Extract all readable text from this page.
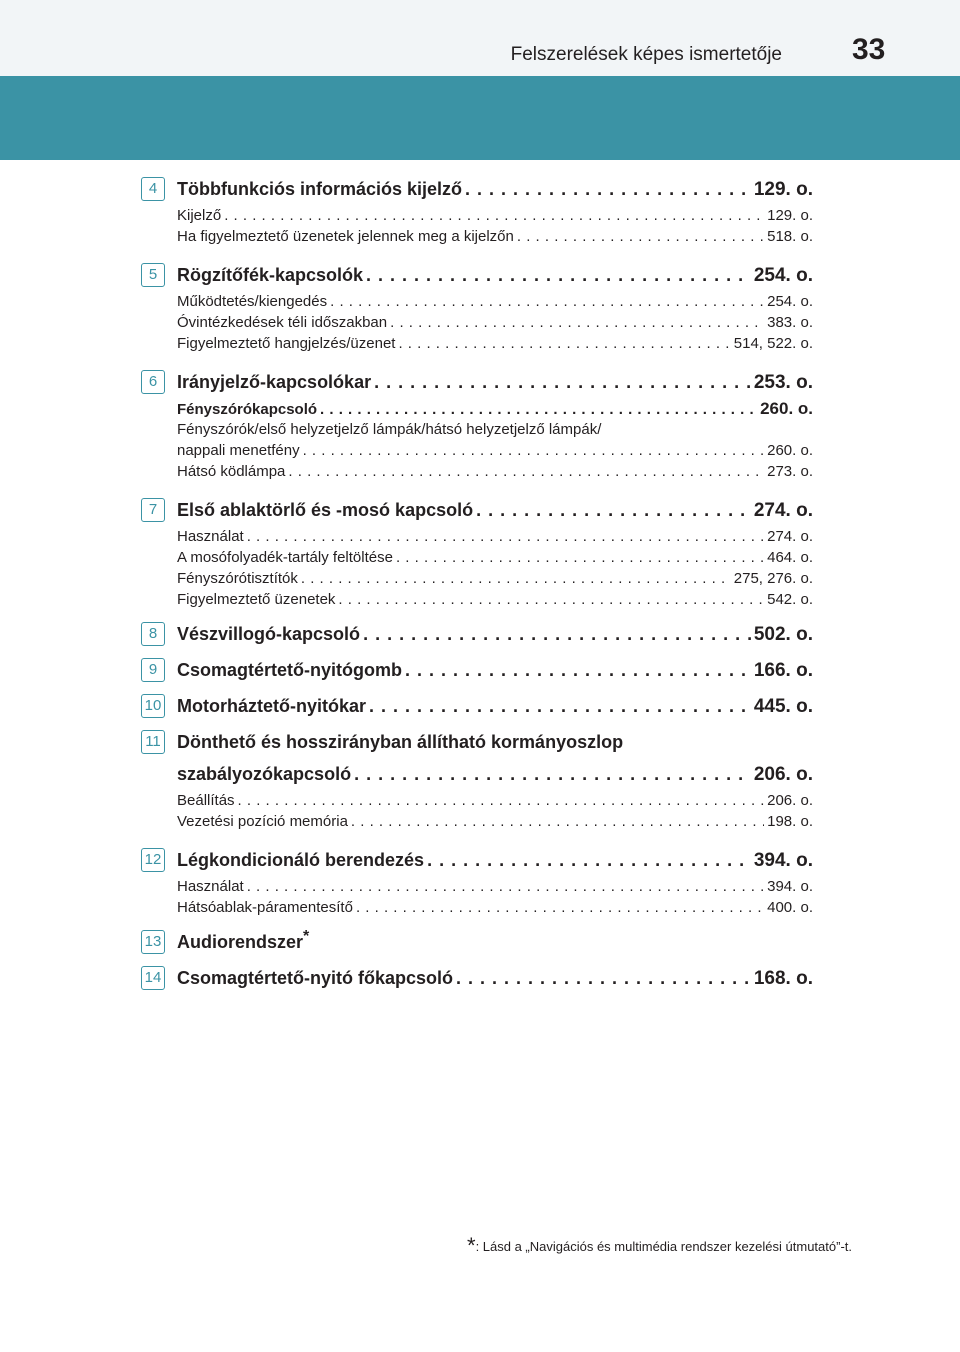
Felszerelések képes ismertetője 33
4	Többfunkciós információs kijelző . . .	129. o.
Kijelző . . .	129. o.
Ha figyelmeztető üzenetek jelennek meg a kijelzőn . . .	518. o.
5	Rögzítőfék-kapcsolók . . .	254. o.
Működtetés/kiengedés . . .	254. o.
Óvintézkedések téli időszakban . . .	383. o.
Figyelmeztető hangjelzés/üzenet . . .	514, 522. o.
6	Irányjelző-kapcsolókar . . .	253. o.
Fényszórókapcsoló . . .	260. o.
Fényszórók/első helyzetjelző lámpák/hátsó helyzetjelző lámpák/
nappali menetfény . . .	260. o.
Hátsó ködlámpa . . .	273. o.
7	Első ablaktörlő és -mosó kapcsoló . . .	274. o.
Használat . . .	274. o.
A mosófolyadék-tartály feltöltése . . .	464. o.
Fényszórótisztítók . . .	275, 276. o.
Figyelmeztető üzenetek . . .	542. o.
8	Vészvillogó-kapcsoló . . .	502. o.
9	Csomagtértető-nyitógomb . . .	166. o.
10 Motorháztető-nyitókar . . .	445. o.
11 Dönthető és hosszirányban állítható kormányoszlop
szabályozókapcsoló . . .	206. o.
Beállítás . . .	206. o.
Vezetési pozíció memória . . .	198. o.
12 Légkondicionáló berendezés . . .	394. o.
Használat . . .	394. o.
Hátsóablak-páramentesítő . . .	400. o.
13 Audiorendszer*
14 Csomagtértető-nyitó főkapcsoló . . .	168. o.
*: Lásd a „Navigációs és multimédia rendszer kezelési útmutató”-t.
